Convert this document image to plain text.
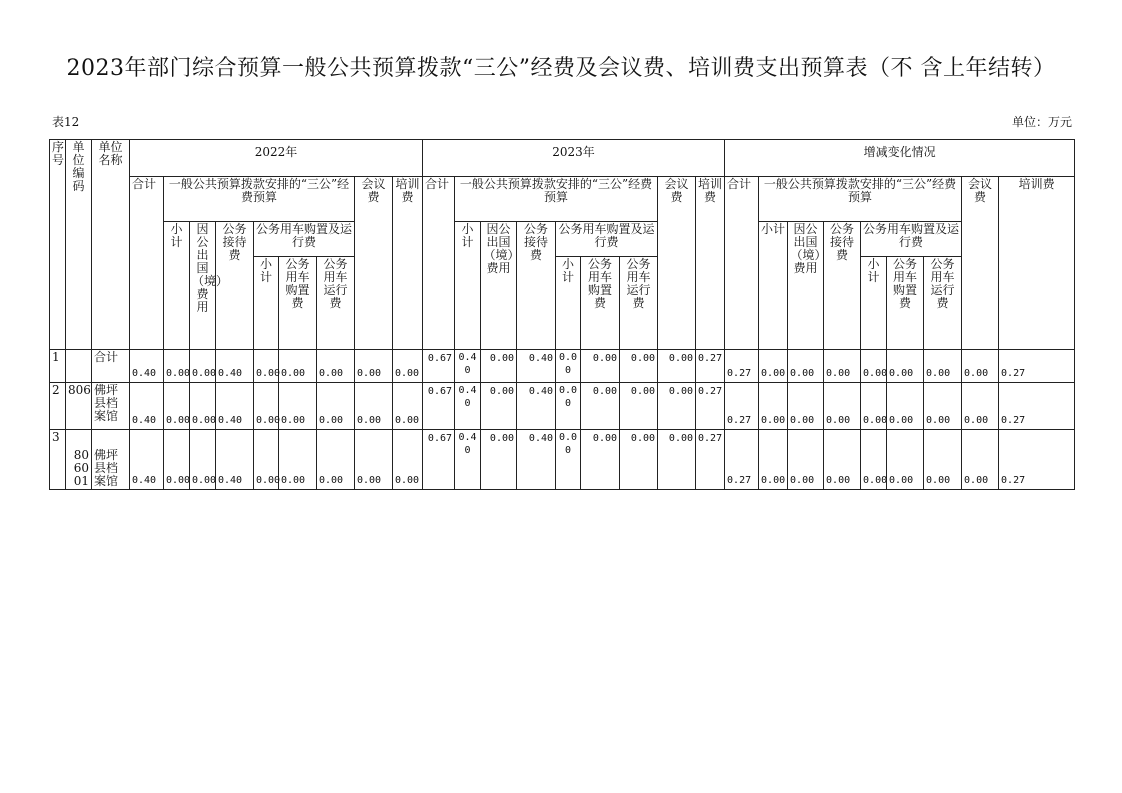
2023年部门综合预算一般公共预算拨款“三公”经费及会议费、培训费支出预算表（不 含上年结转）
表12	单位：万元
序号	单位编码	单位名称	2022年									2023年									增减变化情况								
			合计	一般公共预算拨款安排的“三公”经费预算						会议费	培训费	合计	一般公共预算拨款安排的“三公”经费预算						会议费	培训费	合计	一般公共预算拨款安排的“三公”经费预算						会议费	培训费
				小计	因公出国（境）费用	公务接待费	公务用车购置及运行费						小计	因公出国（境）费用	公务接待费	公务用车购置及运行费						小计	因公出国（境）费用	公务接待费	公务用车购置及运行费				
							小计	公务用车购置费	公务用车运行费							小计	公务用车购置费	公务用车运行费							小计	公务用车购置费	公务用车运行费		
1		合计	0.40	0.00	0.00	0.40	0.00	0.00	0.00	0.00	0.00	0.67	0.40	0.00	0.40	0.00	0.00	0.00	0.00	0.27	0.27	0.00	0.00	0.00	0.00	0.00	0.00	0.00	0.27
2	806	佛坪县档案馆	0.40	0.00	0.00	0.40	0.00	0.00	0.00	0.00	0.00	0.67	0.40	0.00	0.40	0.00	0.00	0.00	0.00	0.27	0.27	0.00	0.00	0.00	0.00	0.00	0.00	0.00	0.27
3	806001	佛坪县档案馆	0.40	0.00	0.00	0.40	0.00	0.00	0.00	0.00	0.00	0.67	0.40	0.00	0.40	0.00	0.00	0.00	0.00	0.27	0.27	0.00	0.00	0.00	0.00	0.00	0.00	0.00	0.27
